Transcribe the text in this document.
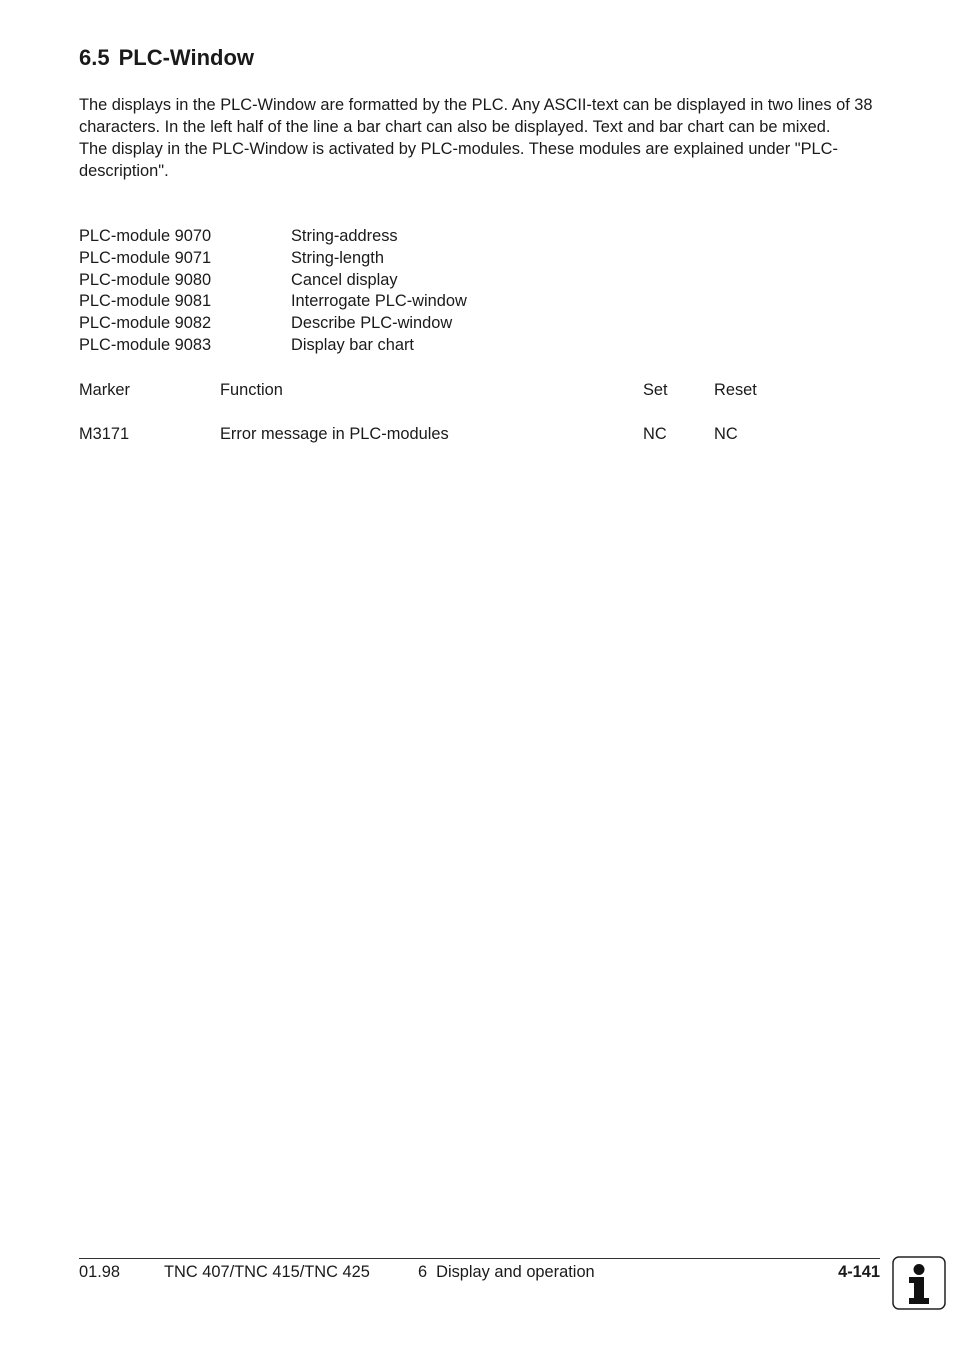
6.5 PLC-Window

The displays in the PLC-Window are formatted by the PLC. Any ASCII-text can be displayed in two lines of 38 characters. In the left half of the line a bar chart can also be displayed. Text and bar chart can be mixed.

The display in the PLC-Window is activated by PLC-modules. These modules are explained under "PLC-description".

PLC-module 9070	String-address
PLC-module 9071	String-length
PLC-module 9080	Cancel display
PLC-module 9081	Interrogate PLC-window
PLC-module 9082	Describe PLC-window
PLC-module 9083	Display bar chart
Marker	Function	Set	Reset
M3171	Error message in PLC-modules	NC	NC
01.98	TNC 407/TNC 415/TNC 425	6 Display and operation	4-141
